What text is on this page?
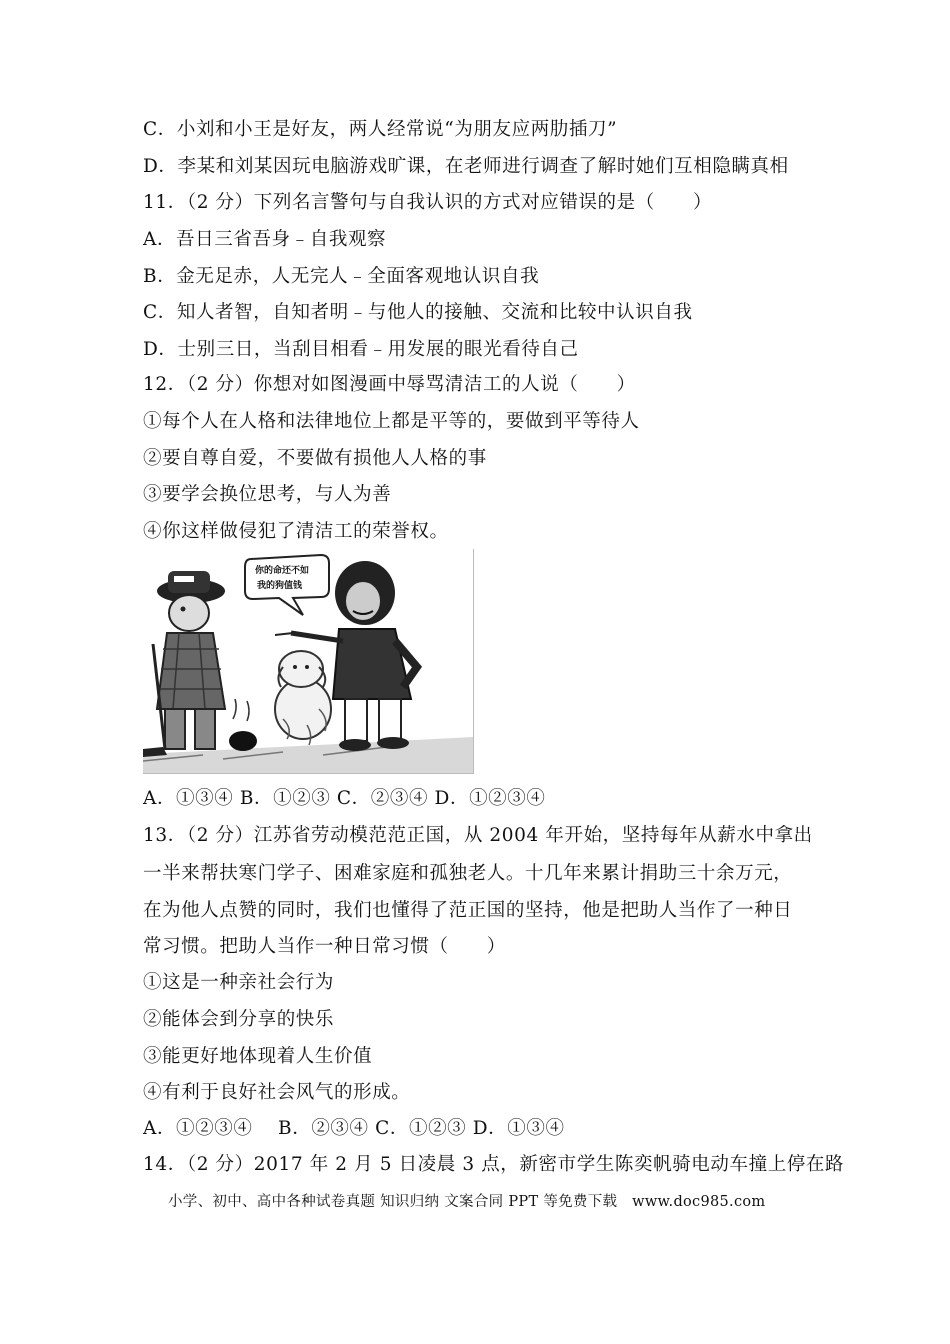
C．小刘和小王是好友，两人经常说“为朋友应两肋插刀”
D．李某和刘某因玩电脑游戏旷课，在老师进行调查了解时她们互相隐瞒真相
11．（2 分）下列名言警句与自我认识的方式对应错误的是（　　）
A．吾日三省吾身﹣自我观察
B．金无足赤，人无完人﹣全面客观地认识自我
C．知人者智，自知者明﹣与他人的接触、交流和比较中认识自我
D．士别三日，当刮目相看﹣用发展的眼光看待自己
12．（2 分）你想对如图漫画中辱骂清洁工的人说（　　）
①每个人在人格和法律地位上都是平等的，要做到平等待人
②要自尊自爱，不要做有损他人人格的事
③要学会换位思考，与人为善
④你这样做侵犯了清洁工的荣誉权。
你的命还不如
我的狗值钱
A．①③④ B．①②③ C．②③④ D．①②③④
13．（2 分）江苏省劳动模范范正国，从 2004 年开始，坚持每年从薪水中拿出
一半来帮扶寒门学子、困难家庭和孤独老人。十几年来累计捐助三十余万元，
在为他人点赞的同时，我们也懂得了范正国的坚持，他是把助人当作了一种日
常习惯。把助人当作一种日常习惯（　　）
①这是一种亲社会行为
②能体会到分享的快乐
③能更好地体现着人生价值
④有利于良好社会风气的形成。
A．①②③④　 B．②③④ C．①②③ D．①③④
14．（2 分）2017 年 2 月 5 日凌晨 3 点，新密市学生陈奕帆骑电动车撞上停在路
小学、初中、高中各种试卷真题 知识归纳 文案合同 PPT 等免费下载　www.doc985.com
